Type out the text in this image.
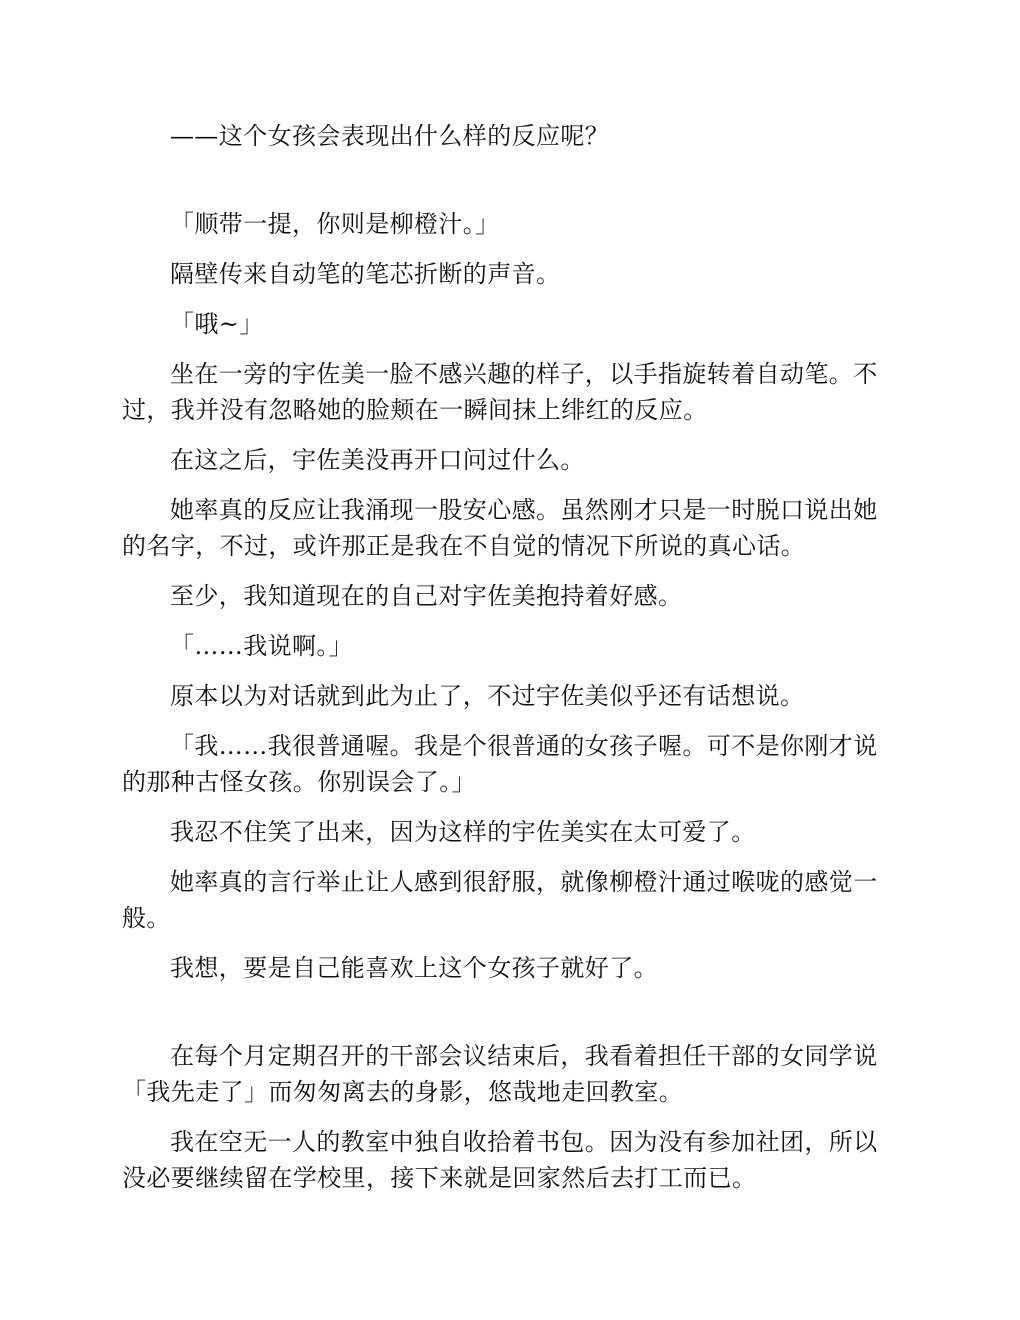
——这个女孩会表现出什么样的反应呢？

「顺带一提，你则是柳橙汁。」

隔壁传来自动笔的笔芯折断的声音。

「哦~」

坐在一旁的宇佐美一脸不感兴趣的样子，以手指旋转着自动笔。不过，我并没有忽略她的脸颊在一瞬间抹上绯红的反应。

在这之后，宇佐美没再开口问过什么。

她率真的反应让我涌现一股安心感。虽然刚才只是一时脱口说出她的名字，不过，或许那正是我在不自觉的情况下所说的真心话。

至少，我知道现在的自己对宇佐美抱持着好感。

「……我说啊。」

原本以为对话就到此为止了，不过宇佐美似乎还有话想说。

「我……我很普通喔。我是个很普通的女孩子喔。可不是你刚才说的那种古怪女孩。你别误会了。」

我忍不住笑了出来，因为这样的宇佐美实在太可爱了。

她率真的言行举止让人感到很舒服，就像柳橙汁通过喉咙的感觉一般。

我想，要是自己能喜欢上这个女孩子就好了。

在每个月定期召开的干部会议结束后，我看着担任干部的女同学说「我先走了」而匆匆离去的身影，悠哉地走回教室。

我在空无一人的教室中独自收拾着书包。因为没有参加社团，所以没必要继续留在学校里，接下来就是回家然后去打工而已。
